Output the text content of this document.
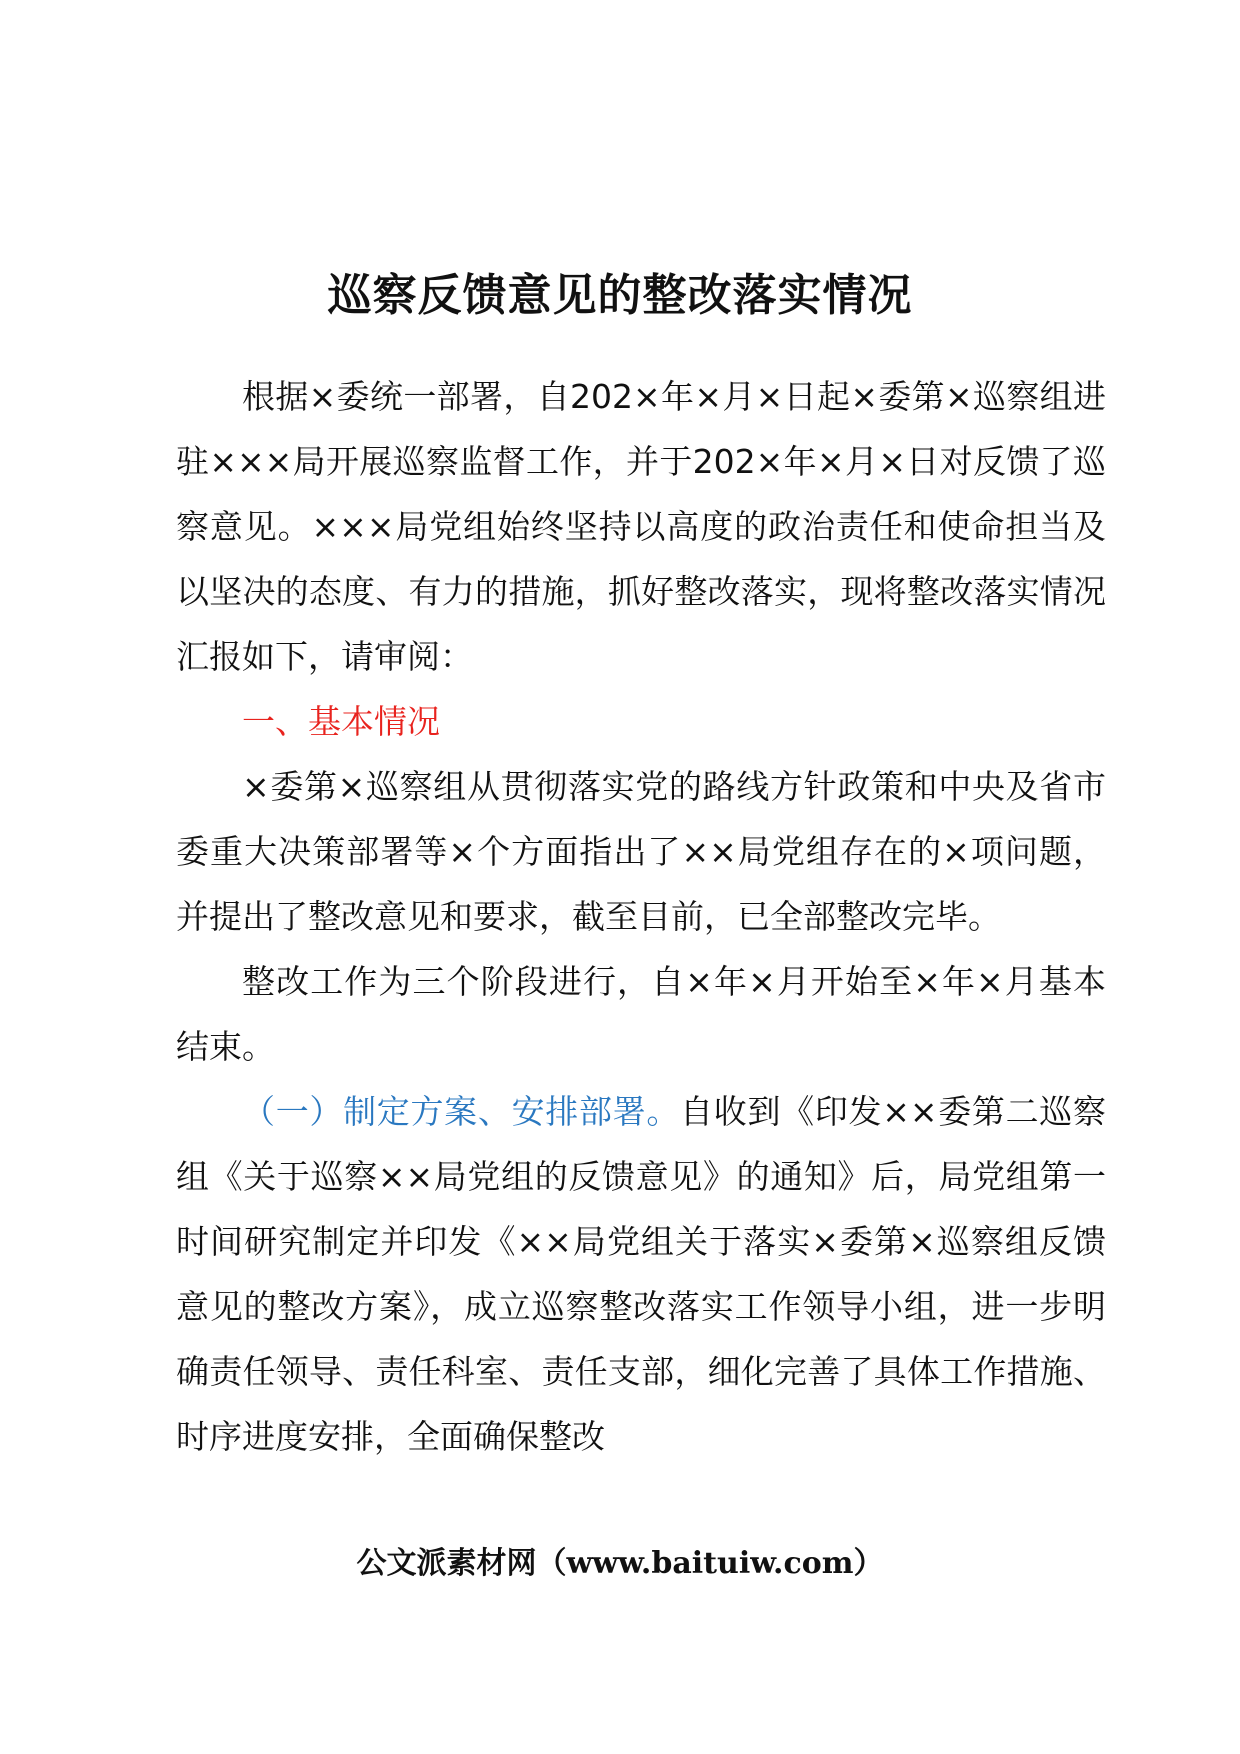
巡察反馈意见的整改落实情况

根据×委统一部署，自202×年×月×日起×委第×巡察组进驻×××局开展巡察监督工作，并于202×年×月×日对反馈了巡察意见。×××局党组始终坚持以高度的政治责任和使命担当及以坚决的态度、有力的措施，抓好整改落实，现将整改落实情况汇报如下，请审阅：

一、基本情况

×委第×巡察组从贯彻落实党的路线方针政策和中央及省市委重大决策部署等×个方面指出了××局党组存在的×项问题，并提出了整改意见和要求，截至目前，已全部整改完毕。

整改工作为三个阶段进行，自×年×月开始至×年×月基本结束。

（一）制定方案、安排部署。自收到《印发××委第二巡察组《关于巡察××局党组的反馈意见》的通知》后，局党组第一时间研究制定并印发《××局党组关于落实×委第×巡察组反馈意见的整改方案》，成立巡察整改落实工作领导小组，进一步明确责任领导、责任科室、责任支部，细化完善了具体工作措施、时序进度安排，全面确保整改

公文派素材网（www.baituiw.com）
